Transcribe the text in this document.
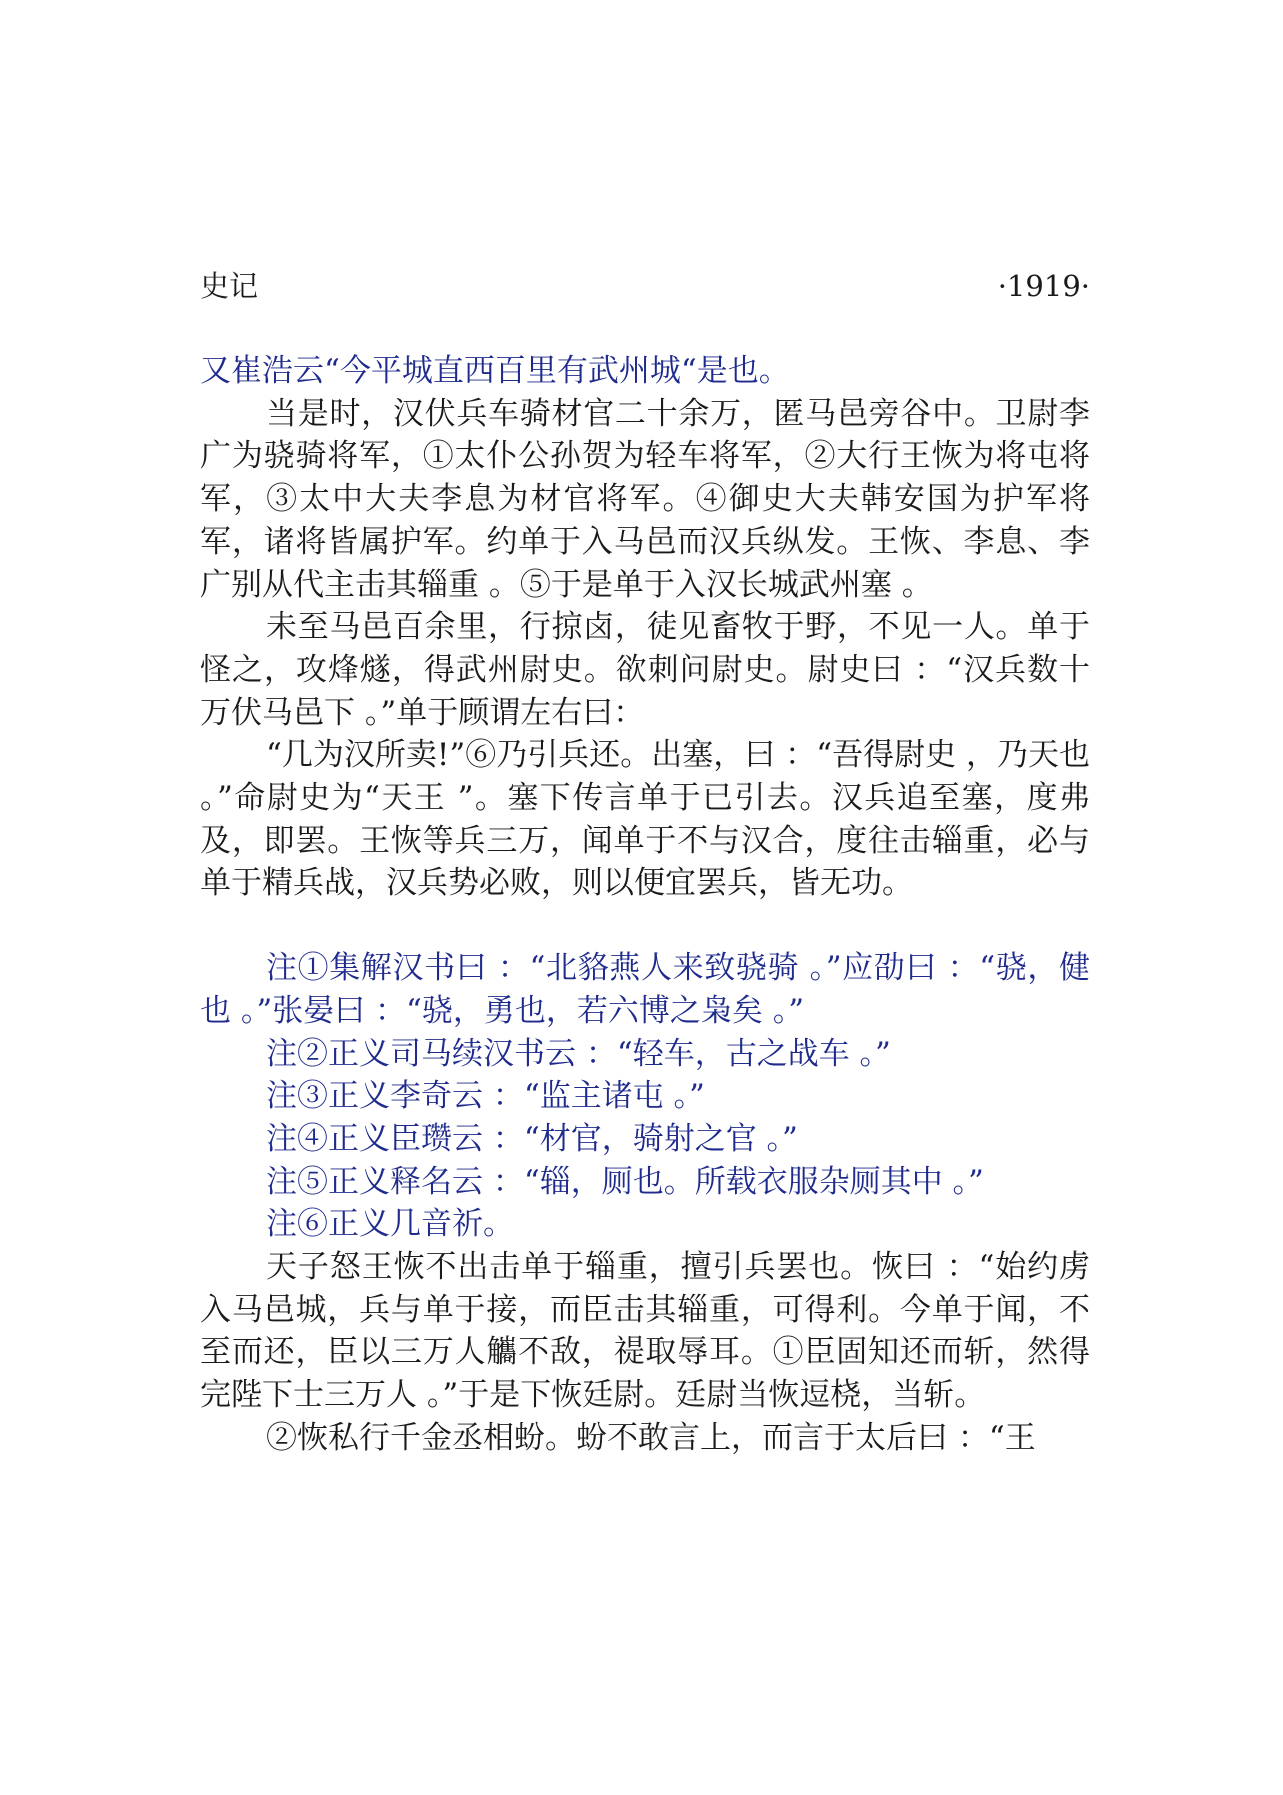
史记	·1919·

又崔浩云“今平城直西百里有武州城“是也。

当是时，汉伏兵车骑材官二十余万，匿马邑旁谷中。卫尉李广为骁骑将军，①太仆公孙贺为轻车将军，②大行王恢为将屯将军，③太中大夫李息为材官将军。④御史大夫韩安国为护军将军，诸将皆属护军。约单于入马邑而汉兵纵发。王恢、李息、李广别从代主击其辎重 。⑤于是单于入汉长城武州塞 。

未至马邑百余里，行掠卤，徒见畜牧于野，不见一人。单于怪之，攻烽燧，得武州尉史。欲刺问尉史。尉史曰 ：“汉兵数十万伏马邑下 。”单于顾谓左右曰：

“几为汉所卖!”⑥乃引兵还。出塞，曰 ：“吾得尉史 ，乃天也 。”命尉史为“天王 ”。塞下传言单于已引去。汉兵追至塞，度弗及，即罢。王恢等兵三万，闻单于不与汉合，度往击辎重，必与单于精兵战，汉兵势必败，则以便宜罢兵，皆无功。

注①集解汉书曰 ：“北貉燕人来致骁骑 。”应劭曰 ：“骁，健也 。”张晏曰 ：“骁，勇也，若六博之枭矣 。”

注②正义司马续汉书云 ：“轻车，古之战车 。”

注③正义李奇云 ：“监主诸屯 。”

注④正义臣瓒云 ：“材官，骑射之官 。”

注⑤正义释名云 ：“辎，厕也。所载衣服杂厕其中 。”

注⑥正义几音祈。

天子怒王恢不出击单于辎重，擅引兵罢也。恢曰 ：“始约虏入马邑城，兵与单于接，而臣击其辎重，可得利。今单于闻，不至而还，臣以三万人觿不敌，禔取辱耳。①臣固知还而斩，然得完陛下士三万人 。”于是下恢廷尉。廷尉当恢逗桡，当斩。

②恢私行千金丞相蚡。蚡不敢言上，而言于太后曰 ：“王
